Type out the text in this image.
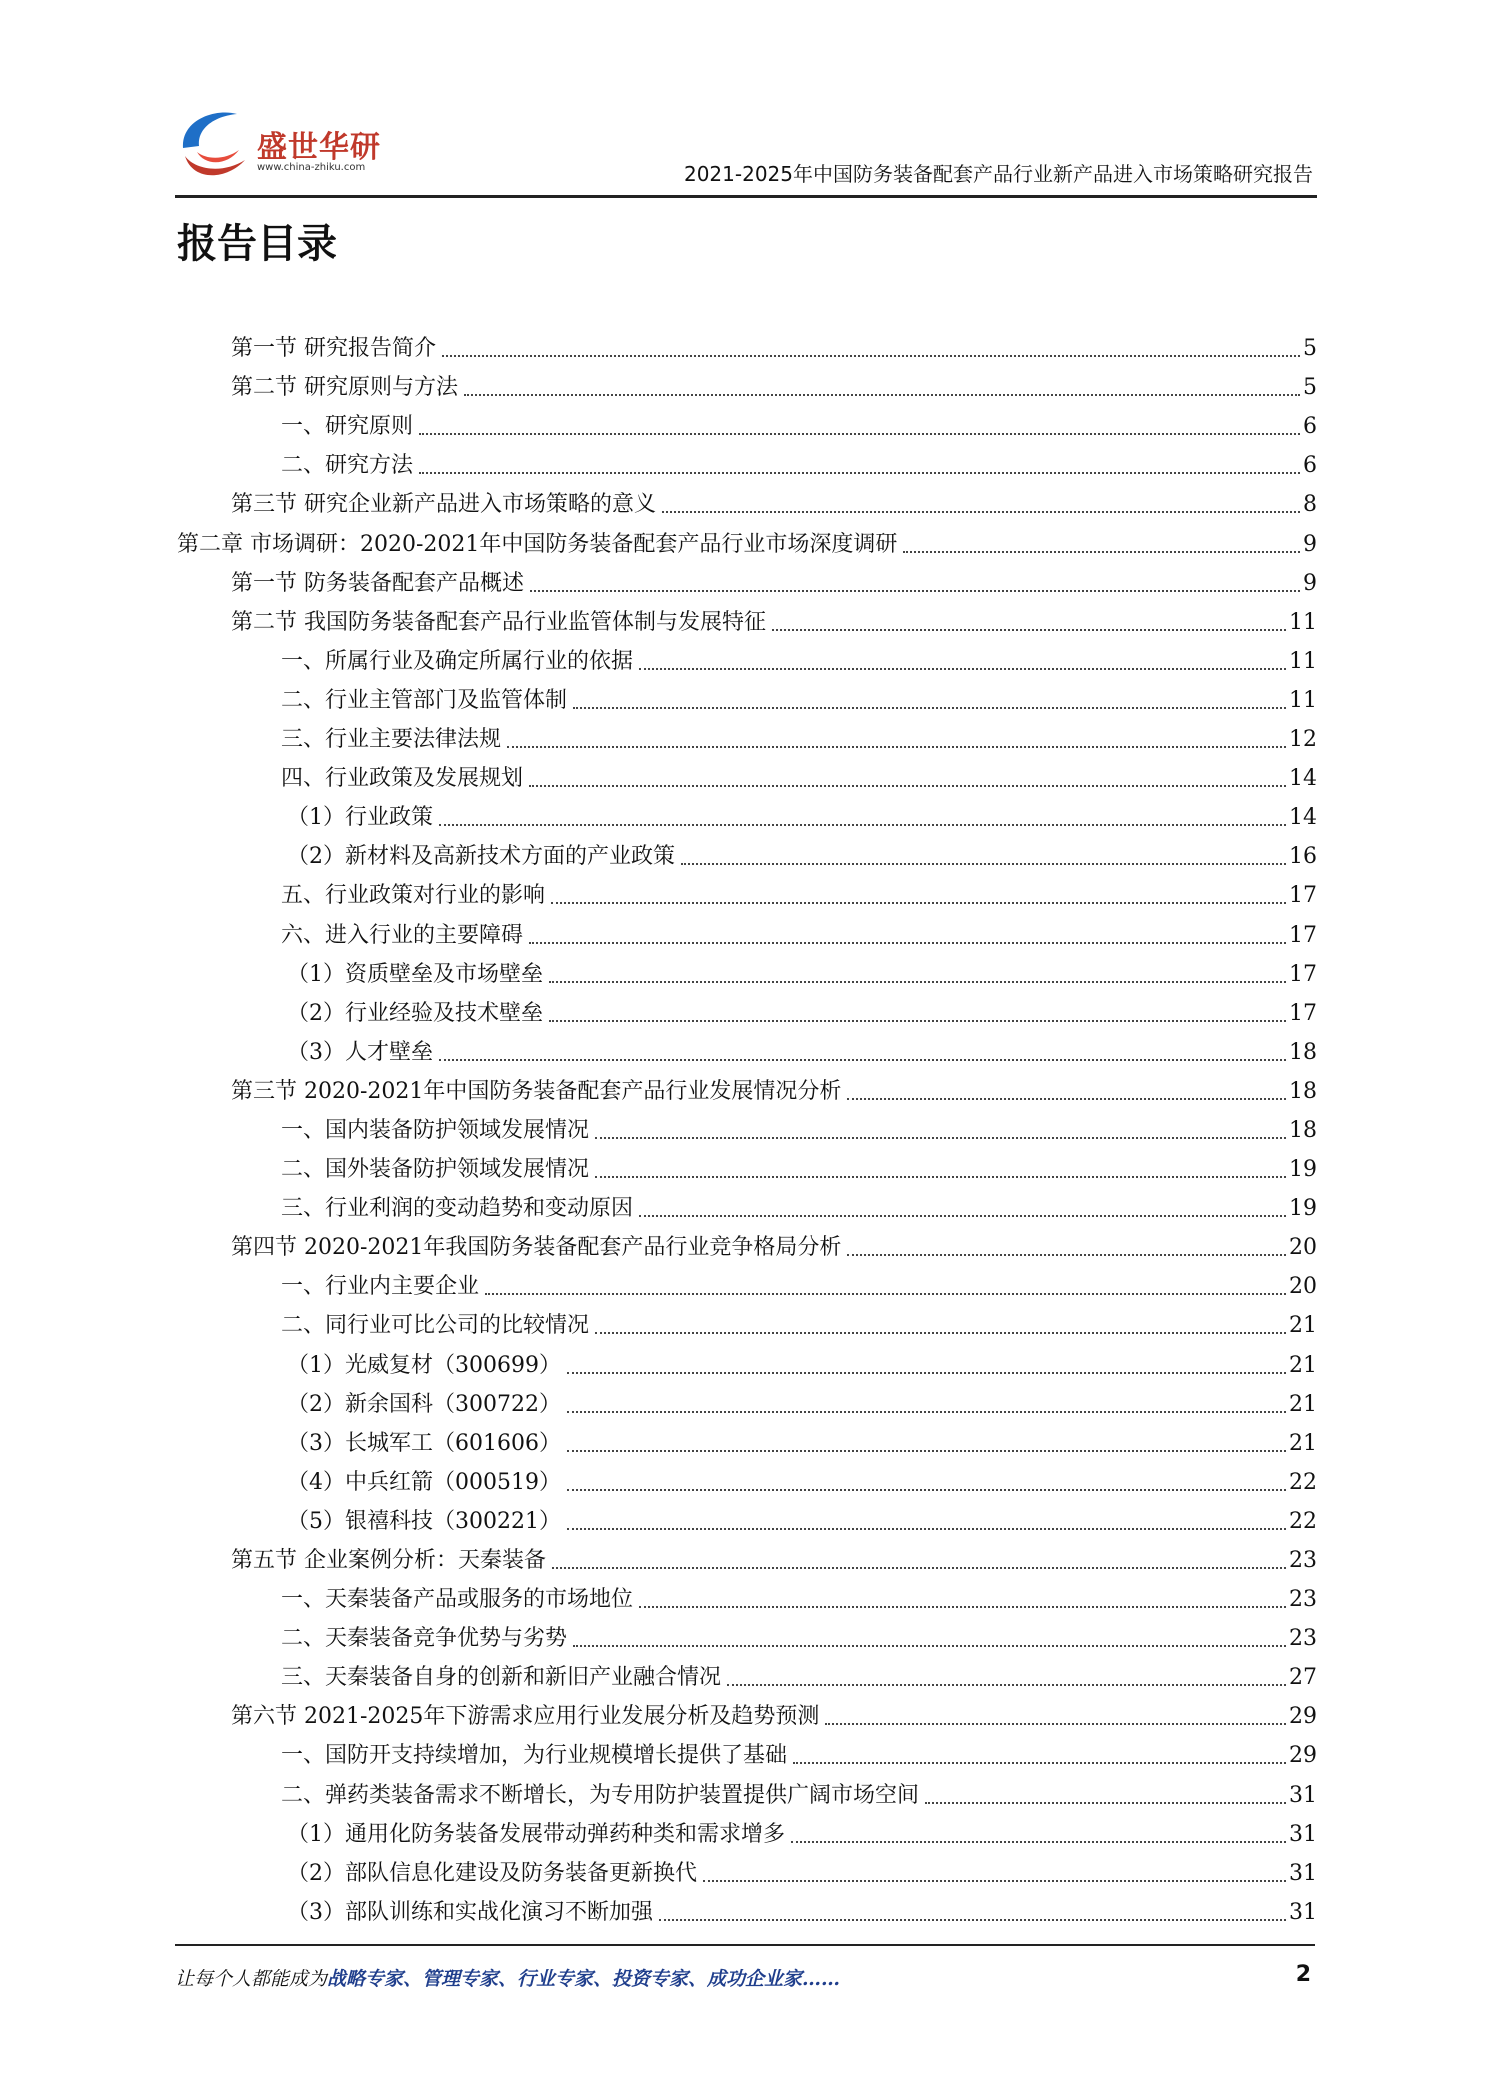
盛世华研
www.china-zhiku.com	2021-2025年中国防务装备配套产品行业新产品进入市场策略研究报告
报告目录
第一节 研究报告简介	5
第二节 研究原则与方法	5
一、研究原则	6
二、研究方法	6
第三节 研究企业新产品进入市场策略的意义	8
第二章 市场调研：2020-2021年中国防务装备配套产品行业市场深度调研	9
第一节 防务装备配套产品概述	9
第二节 我国防务装备配套产品行业监管体制与发展特征	11
一、所属行业及确定所属行业的依据	11
二、行业主管部门及监管体制	11
三、行业主要法律法规	12
四、行业政策及发展规划	14
（1）行业政策	14
（2）新材料及高新技术方面的产业政策	16
五、行业政策对行业的影响	17
六、进入行业的主要障碍	17
（1）资质壁垒及市场壁垒	17
（2）行业经验及技术壁垒	17
（3）人才壁垒	18
第三节 2020-2021年中国防务装备配套产品行业发展情况分析	18
一、国内装备防护领域发展情况	18
二、国外装备防护领域发展情况	19
三、行业利润的变动趋势和变动原因	19
第四节 2020-2021年我国防务装备配套产品行业竞争格局分析	20
一、行业内主要企业	20
二、同行业可比公司的比较情况	21
（1）光威复材（300699）	21
（2）新余国科（300722）	21
（3）长城军工（601606）	21
（4）中兵红箭（000519）	22
（5）银禧科技（300221）	22
第五节 企业案例分析：天秦装备	23
一、天秦装备产品或服务的市场地位	23
二、天秦装备竞争优势与劣势	23
三、天秦装备自身的创新和新旧产业融合情况	27
第六节 2021-2025年下游需求应用行业发展分析及趋势预测	29
一、国防开支持续增加，为行业规模增长提供了基础	29
二、弹药类装备需求不断增长，为专用防护装置提供广阔市场空间	31
（1）通用化防务装备发展带动弹药种类和需求增多	31
（2）部队信息化建设及防务装备更新换代	31
（3）部队训练和实战化演习不断加强	31
让每个人都能成为战略专家、管理专家、行业专家、投资专家、成功企业家……	2
